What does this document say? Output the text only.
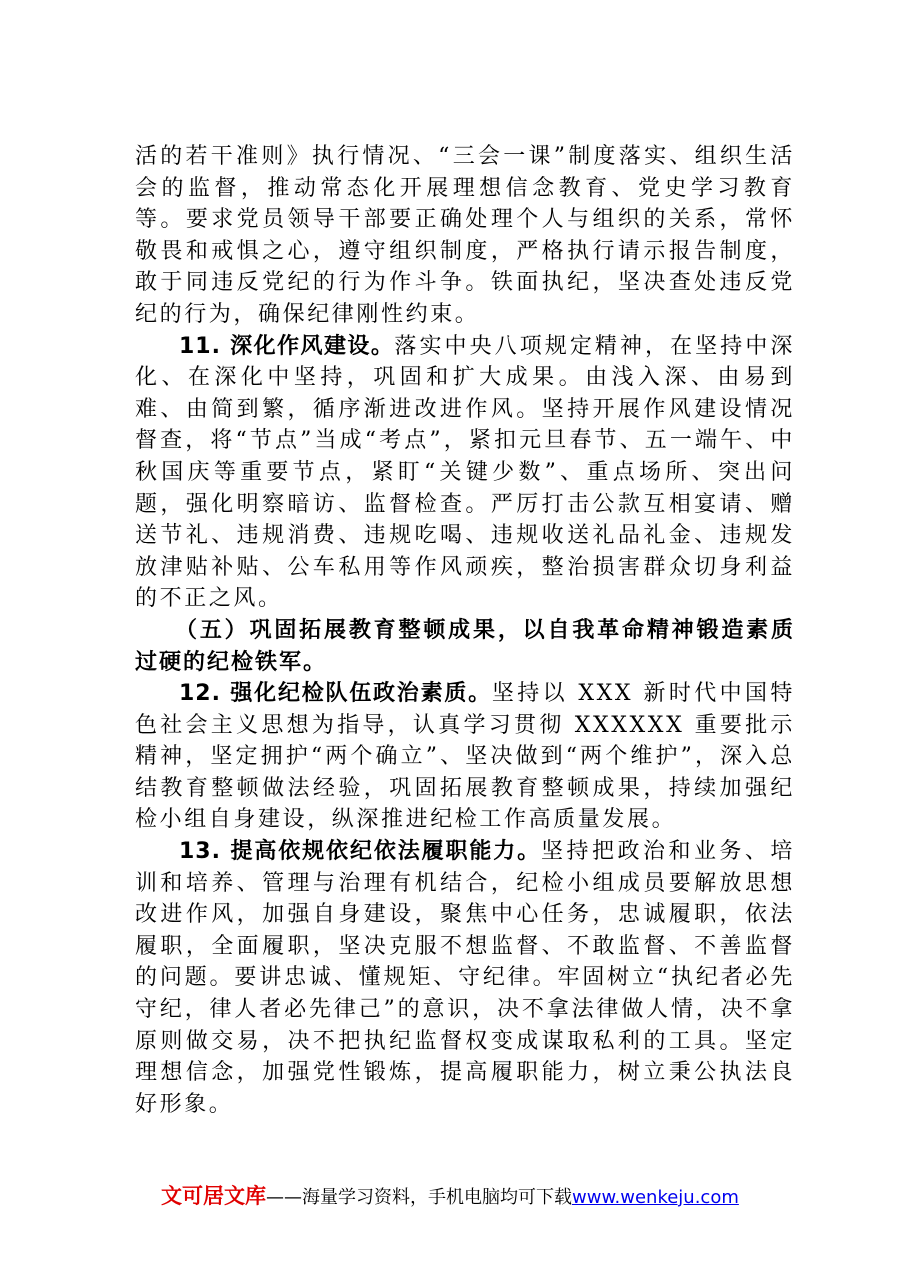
活的若干准则》执行情况、“三会一课”制度落实、组织生活会的监督，推动常态化开展理想信念教育、党史学习教育等。要求党员领导干部要正确处理个人与组织的关系，常怀敬畏和戒惧之心，遵守组织制度，严格执行请示报告制度，敢于同违反党纪的行为作斗争。铁面执纪，坚决查处违反党纪的行为，确保纪律刚性约束。

11. 深化作风建设。落实中央八项规定精神，在坚持中深化、在深化中坚持，巩固和扩大成果。由浅入深、由易到难、由简到繁，循序渐进改进作风。坚持开展作风建设情况督查，将“节点”当成“考点”，紧扣元旦春节、五一端午、中秋国庆等重要节点，紧盯“关键少数”、重点场所、突出问题，强化明察暗访、监督检查。严厉打击公款互相宴请、赠送节礼、违规消费、违规吃喝、违规收送礼品礼金、违规发放津贴补贴、公车私用等作风顽疾，整治损害群众切身利益的不正之风。

（五）巩固拓展教育整顿成果，以自我革命精神锻造素质过硬的纪检铁军。

12. 强化纪检队伍政治素质。坚持以 XXX 新时代中国特色社会主义思想为指导，认真学习贯彻 XXXXXX 重要批示精神，坚定拥护“两个确立”、坚决做到“两个维护”，深入总结教育整顿做法经验，巩固拓展教育整顿成果，持续加强纪检小组自身建设，纵深推进纪检工作高质量发展。

13. 提高依规依纪依法履职能力。坚持把政治和业务、培训和培养、管理与治理有机结合，纪检小组成员要解放思想改进作风，加强自身建设，聚焦中心任务，忠诚履职，依法履职，全面履职，坚决克服不想监督、不敢监督、不善监督的问题。要讲忠诚、懂规矩、守纪律。牢固树立“执纪者必先守纪，律人者必先律己”的意识，决不拿法律做人情，决不拿原则做交易，决不把执纪监督权变成谋取私利的工具。坚定理想信念，加强党性锻炼，提高履职能力，树立秉公执法良好形象。

文可居文库——海量学习资料，手机电脑均可下载www.wenkeju.com
